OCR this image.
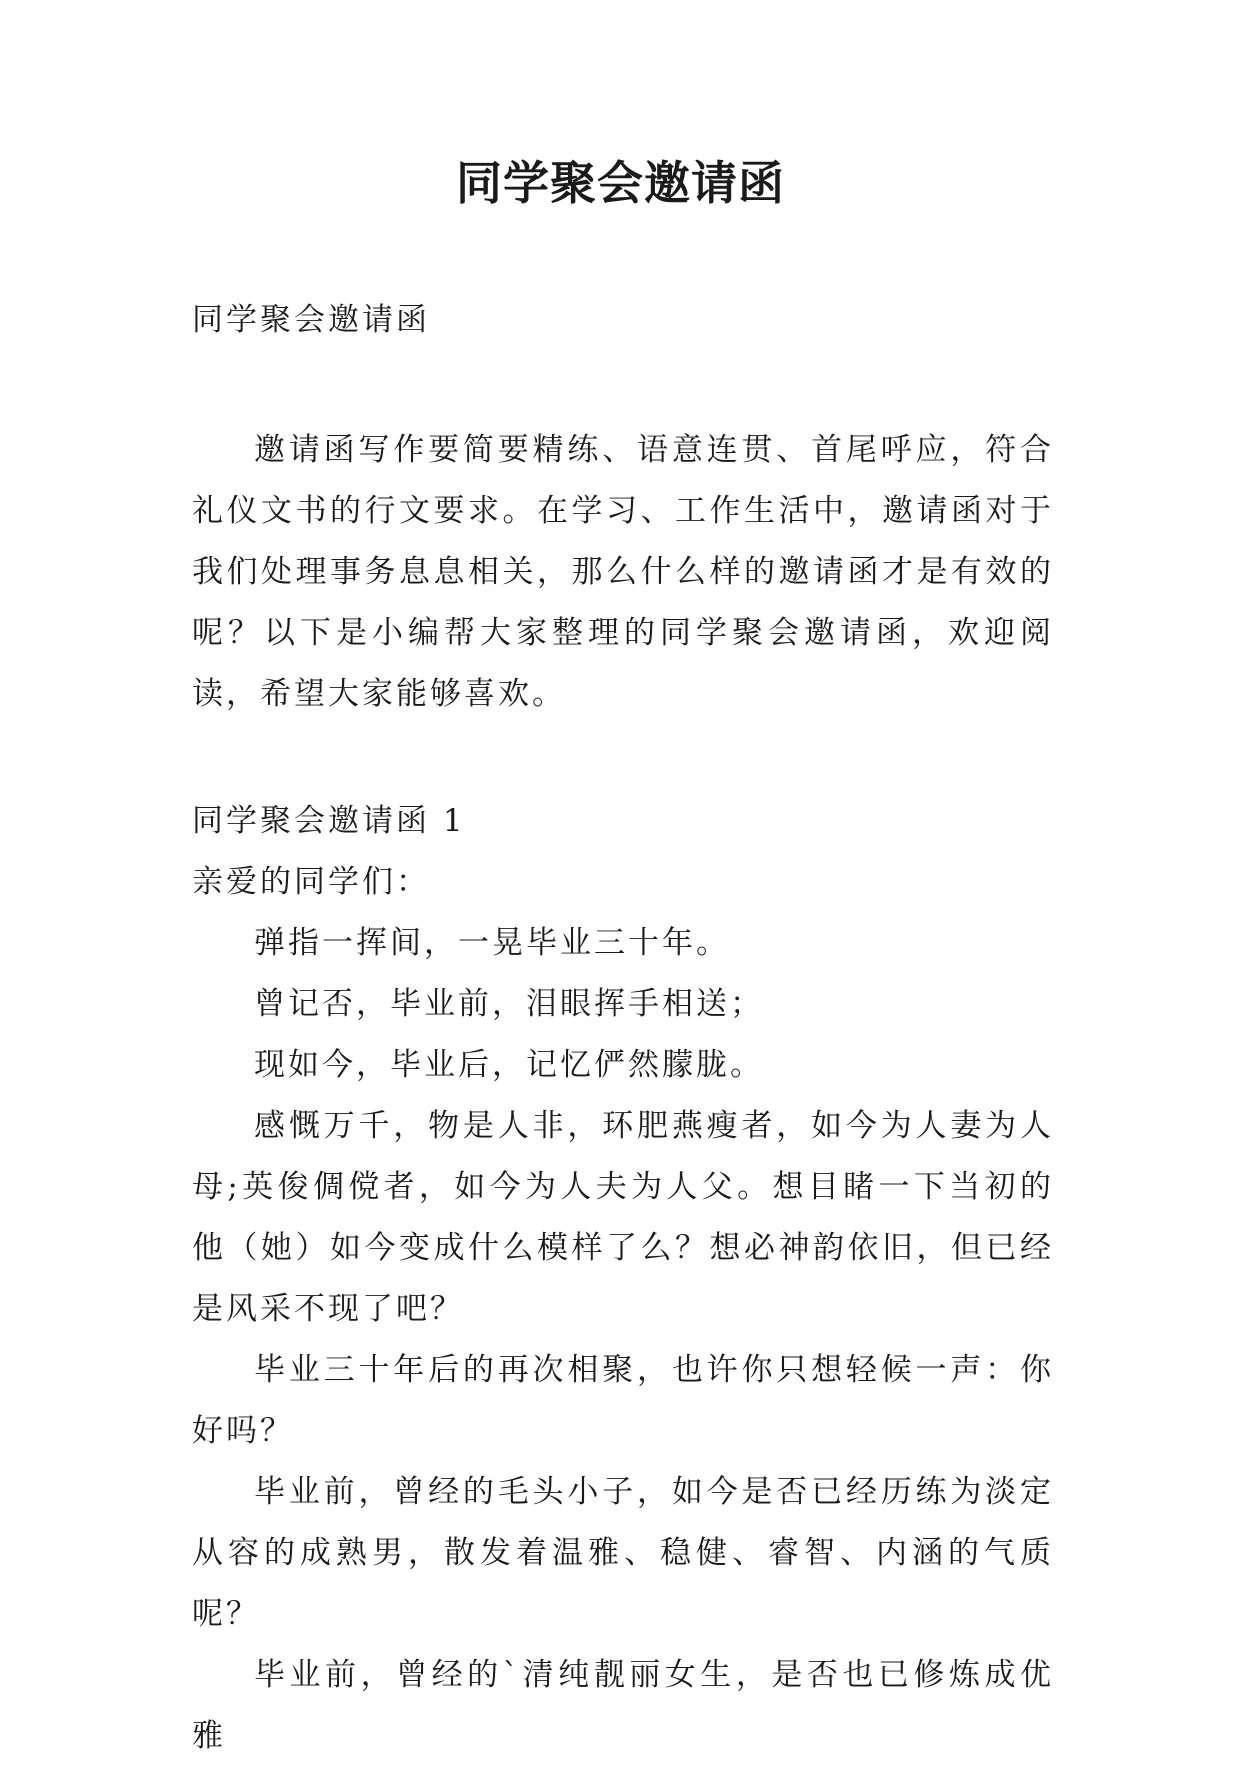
同学聚会邀请函

同学聚会邀请函

邀请函写作要简要精练、语意连贯、首尾呼应，符合礼仪文书的行文要求。在学习、工作生活中，邀请函对于我们处理事务息息相关，那么什么样的邀请函才是有效的呢？以下是小编帮大家整理的同学聚会邀请函，欢迎阅读，希望大家能够喜欢。

同学聚会邀请函 1

亲爱的同学们：

弹指一挥间，一晃毕业三十年。

曾记否，毕业前，泪眼挥手相送；

现如今，毕业后，记忆俨然朦胧。

感慨万千，物是人非，环肥燕瘦者，如今为人妻为人母;英俊倜傥者，如今为人夫为人父。想目睹一下当初的他（她）如今变成什么模样了么？想必神韵依旧，但已经是风采不现了吧？

毕业三十年后的再次相聚，也许你只想轻候一声：你好吗？

毕业前，曾经的毛头小子，如今是否已经历练为淡定从容的成熟男，散发着温雅、稳健、睿智、内涵的气质呢？

毕业前，曾经的`清纯靓丽女生，是否也已修炼成优雅
